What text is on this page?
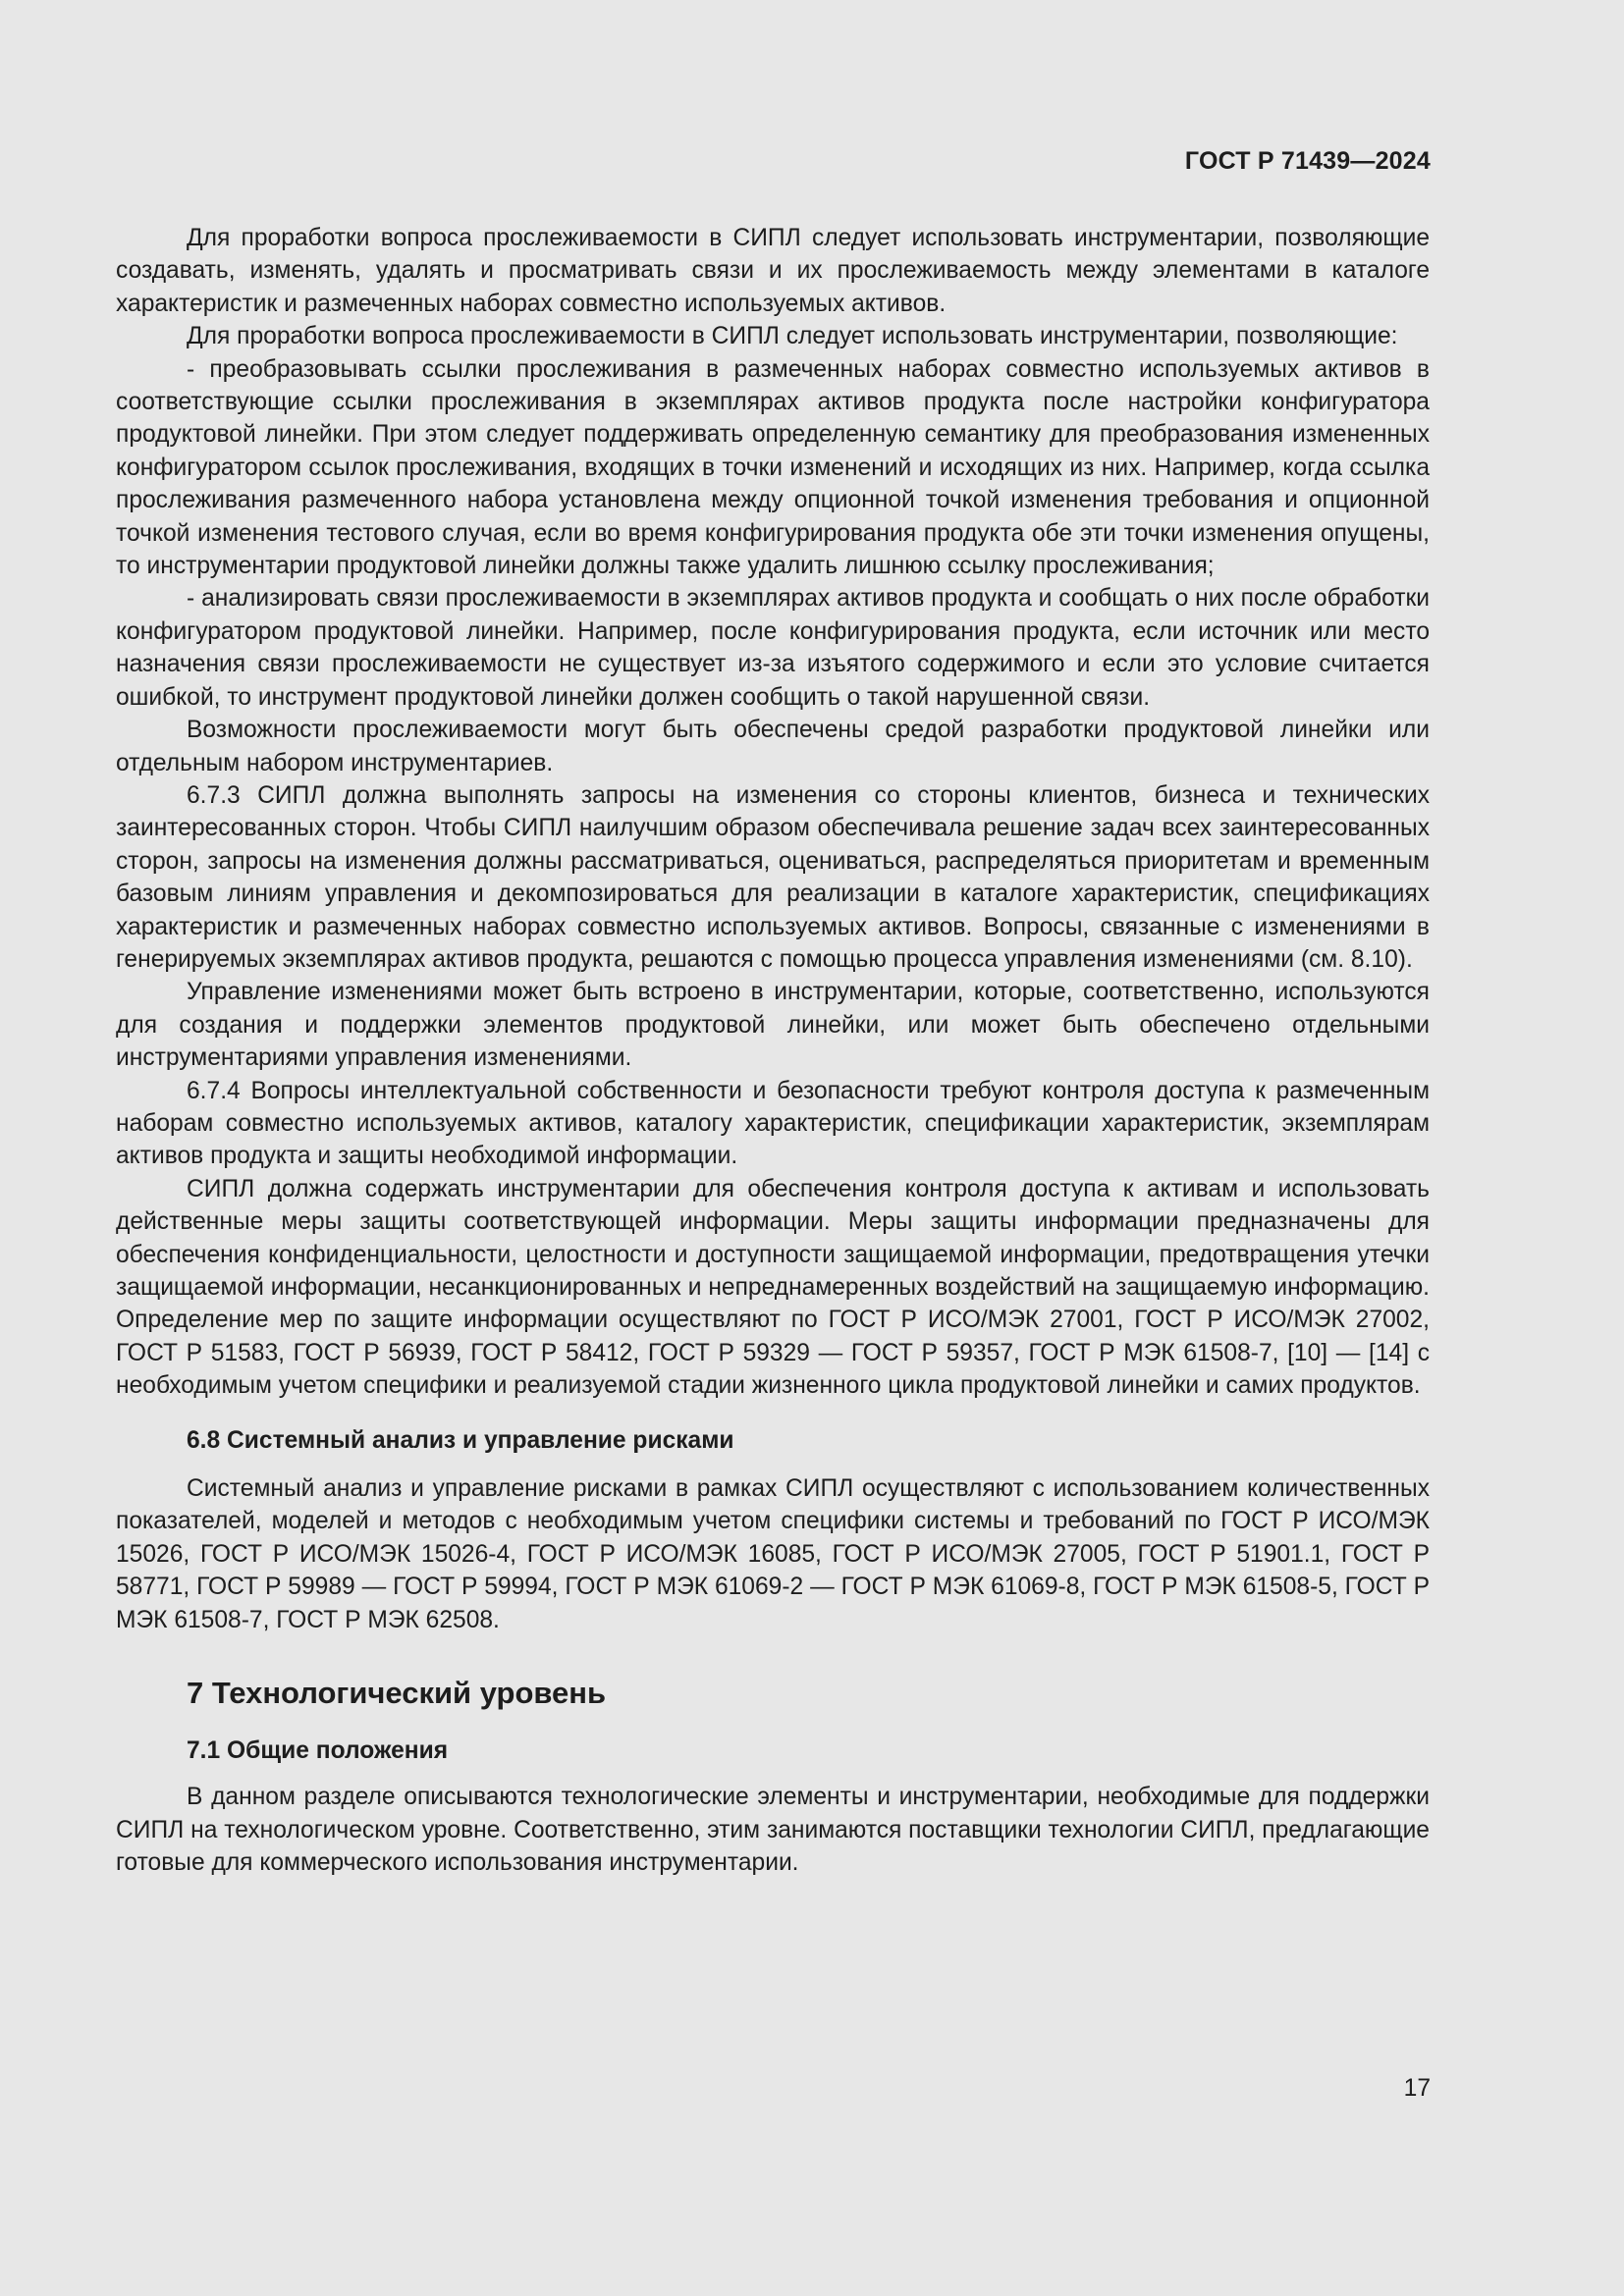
ГОСТ Р 71439—2024

Для проработки вопроса прослеживаемости в СИПЛ следует использовать инструментарии, позволяющие создавать, изменять, удалять и просматривать связи и их прослеживаемость между элементами в каталоге характеристик и размеченных наборах совместно используемых активов.

Для проработки вопроса прослеживаемости в СИПЛ следует использовать инструментарии, позволяющие:

- преобразовывать ссылки прослеживания в размеченных наборах совместно используемых активов в соответствующие ссылки прослеживания в экземплярах активов продукта после настройки конфигуратора продуктовой линейки. При этом следует поддерживать определенную семантику для преобразования измененных конфигуратором ссылок прослеживания, входящих в точки изменений и исходящих из них. Например, когда ссылка прослеживания размеченного набора установлена между опционной точкой изменения требования и опционной точкой изменения тестового случая, если во время конфигурирования продукта обе эти точки изменения опущены, то инструментарии продуктовой линейки должны также удалить лишнюю ссылку прослеживания;

- анализировать связи прослеживаемости в экземплярах активов продукта и сообщать о них после обработки конфигуратором продуктовой линейки. Например, после конфигурирования продукта, если источник или место назначения связи прослеживаемости не существует из-за изъятого содержимого и если это условие считается ошибкой, то инструмент продуктовой линейки должен сообщить о такой нарушенной связи.

Возможности прослеживаемости могут быть обеспечены средой разработки продуктовой линейки или отдельным набором инструментариев.

6.7.3 СИПЛ должна выполнять запросы на изменения со стороны клиентов, бизнеса и технических заинтересованных сторон. Чтобы СИПЛ наилучшим образом обеспечивала решение задач всех заинтересованных сторон, запросы на изменения должны рассматриваться, оцениваться, распределяться приоритетам и временным базовым линиям управления и декомпозироваться для реализации в каталоге характеристик, спецификациях характеристик и размеченных наборах совместно используемых активов. Вопросы, связанные с изменениями в генерируемых экземплярах активов продукта, решаются с помощью процесса управления изменениями (см. 8.10).

Управление изменениями может быть встроено в инструментарии, которые, соответственно, используются для создания и поддержки элементов продуктовой линейки, или может быть обеспечено отдельными инструментариями управления изменениями.

6.7.4 Вопросы интеллектуальной собственности и безопасности требуют контроля доступа к размеченным наборам совместно используемых активов, каталогу характеристик, спецификации характеристик, экземплярам активов продукта и защиты необходимой информации.

СИПЛ должна содержать инструментарии для обеспечения контроля доступа к активам и использовать действенные меры защиты соответствующей информации. Меры защиты информации предназначены для обеспечения конфиденциальности, целостности и доступности защищаемой информации, предотвращения утечки защищаемой информации, несанкционированных и непреднамеренных воздействий на защищаемую информацию. Определение мер по защите информации осуществляют по ГОСТ Р ИСО/МЭК 27001, ГОСТ Р ИСО/МЭК 27002, ГОСТ Р 51583, ГОСТ Р 56939, ГОСТ Р 58412, ГОСТ Р 59329 — ГОСТ Р 59357, ГОСТ Р МЭК 61508-7, [10] — [14] с необходимым учетом специфики и реализуемой стадии жизненного цикла продуктовой линейки и самих продуктов.

6.8 Системный анализ и управление рисками

Системный анализ и управление рисками в рамках СИПЛ осуществляют с использованием количественных показателей, моделей и методов с необходимым учетом специфики системы и требований по ГОСТ Р ИСО/МЭК 15026, ГОСТ Р ИСО/МЭК 15026-4, ГОСТ Р ИСО/МЭК 16085, ГОСТ Р ИСО/МЭК 27005, ГОСТ Р 51901.1, ГОСТ Р 58771, ГОСТ Р 59989 — ГОСТ Р 59994, ГОСТ Р МЭК 61069-2 — ГОСТ Р МЭК 61069-8, ГОСТ Р МЭК 61508-5, ГОСТ Р МЭК 61508-7, ГОСТ Р МЭК 62508.

7 Технологический уровень
7.1 Общие положения

В данном разделе описываются технологические элементы и инструментарии, необходимые для поддержки СИПЛ на технологическом уровне. Соответственно, этим занимаются поставщики технологии СИПЛ, предлагающие готовые для коммерческого использования инструментарии.

17
